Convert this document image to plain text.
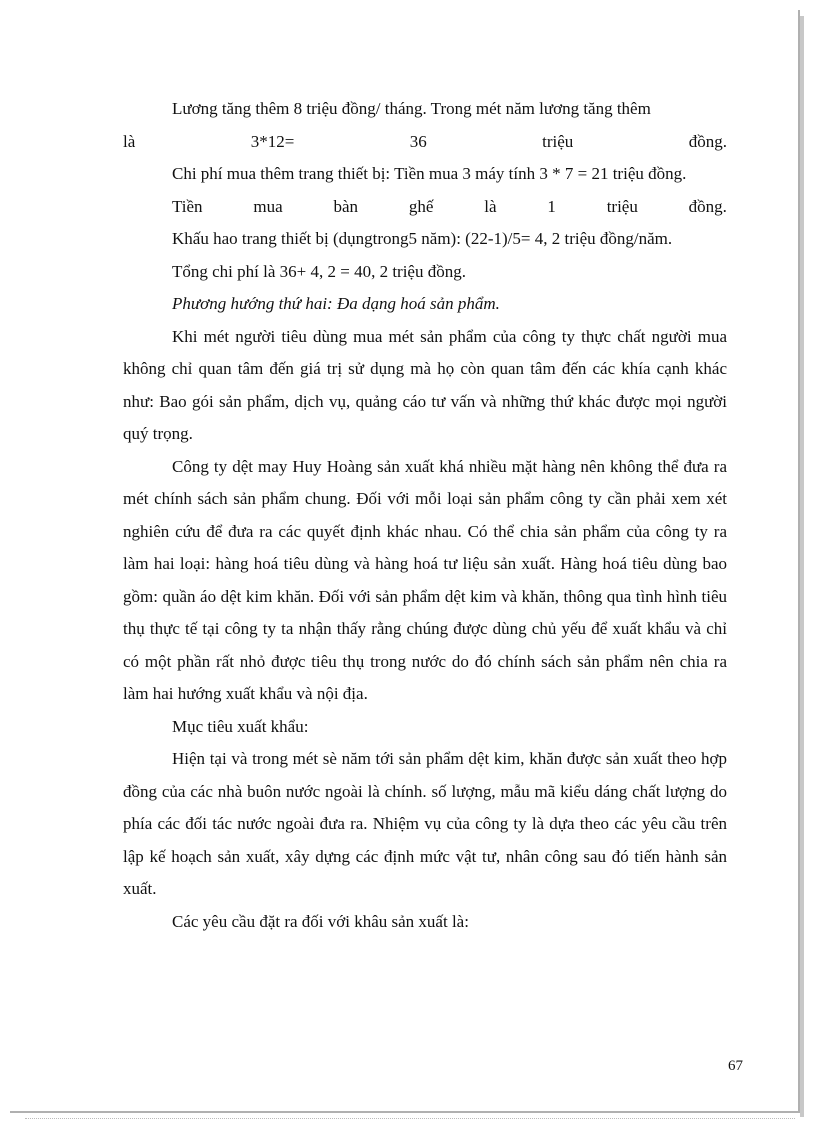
Lương tăng thêm 8 triệu đồng/ tháng. Trong mét năm lương tăng thêm

là	3*12=	36	triệu	đồng.

Chi phí mua thêm trang thiết bị: Tiền mua 3 máy tính 3 * 7 = 21 triệu đồng.

Tiền	mua	bàn	ghế	là	1	triệu	đồng.

Khấu hao trang thiết bị (dụngtrong5 năm): (22-1)/5= 4, 2 triệu đồng/năm.

Tổng chi phí là 36+ 4, 2 = 40, 2 triệu đồng.

Phương hướng thứ hai: Đa dạng hoá sản phẩm.

Khi mét người tiêu dùng mua mét sản phẩm của công ty thực chất người mua không chỉ quan tâm đến giá trị sử dụng mà họ còn quan tâm đến các khía cạnh khác như: Bao gói sản phẩm, dịch vụ, quảng cáo tư vấn và những thứ khác được mọi người quý trọng.

Công ty dệt may Huy Hoàng sản xuất khá nhiều mặt hàng nên không thể đưa ra mét chính sách sản phẩm chung. Đối với mỗi loại sản phẩm công ty cần phải xem xét nghiên cứu để đưa ra các quyết định khác nhau. Có thể chia sản phẩm của công ty ra làm hai loại: hàng hoá tiêu dùng và hàng hoá tư liệu sản xuất. Hàng hoá tiêu dùng bao gồm: quần áo dệt kim khăn. Đối với sản phẩm dệt kim và khăn, thông qua tình hình tiêu thụ thực tế tại công ty ta nhận thấy rằng chúng được dùng chủ yếu để xuất khẩu và chỉ có một phần rất nhỏ được tiêu thụ trong nước do đó chính sách sản phẩm nên chia ra làm hai hướng xuất khẩu và nội địa.

Mục tiêu xuất khẩu:

Hiện tại và trong mét sè năm tới sản phẩm dệt kim, khăn được sản xuất theo hợp đồng của các nhà buôn nước ngoài là chính. số lượng, mẫu mã kiểu dáng chất lượng do phía các đối tác nước ngoài đưa ra. Nhiệm vụ của công ty là dựa theo các yêu cầu trên lập kế hoạch sản xuất, xây dựng các định mức vật tư, nhân công sau đó tiến hành sản xuất.

Các yêu cầu đặt ra đối với khâu sản xuất là:

67
